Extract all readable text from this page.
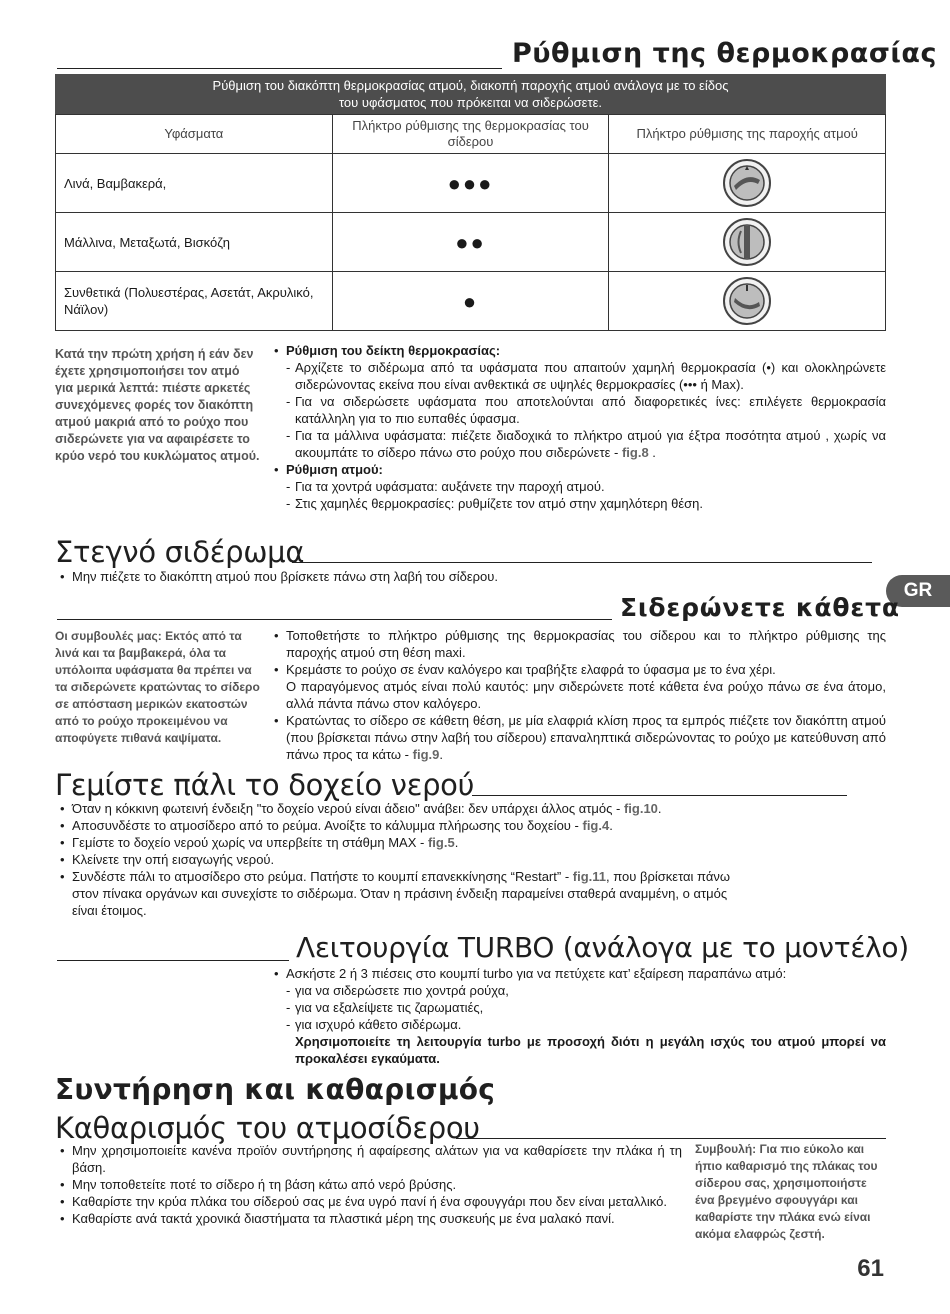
Ρύθμιση της θερμοκρασίας
Ρύθμιση του διακόπτη θερμοκρασίας ατμού, διακοπή παροχής ατμού ανάλογα με το είδος
του υφάσματος που πρόκειται να σιδερώσετε.
Υφάσματα	Πλήκτρο ρύθμισης της θερμοκρασίας του σίδερου	Πλήκτρο ρύθμισης της παροχής ατμού
Λινά, Βαμβακερά,	●●●	

Μάλλινα, Μεταξωτά, Βισκόζη	●●	

Συνθετικά (Πολυεστέρας, Ασετάτ, Ακρυλικό, Νάϊλον)	●	
Κατά την πρώτη χρήση ή εάν δεν έχετε χρησιμοποιήσει τον ατμό για μερικά λεπτά: πιέστε αρκετές συνεχόμενες φορές τον διακόπτη ατμού μακριά από το ρούχο που σιδερώνετε για να αφαιρέσετε το κρύο νερό του κυκλώματος ατμού.
• Ρύθμιση του δείκτη θερμοκρασίας:
- Αρχίζετε το σιδέρωμα από τα υφάσματα που απαιτούν χαμηλή θερμοκρασία (•) και ολοκληρώνετε σιδερώνοντας εκείνα που είναι ανθεκτικά σε υψηλές θερμοκρασίες (••• ή Max).
- Για να σιδερώσετε υφάσματα που αποτελούνται από διαφορετικές ίνες: επιλέγετε θερμοκρασία κατάλληλη για το πιο ευπαθές ύφασμα.
- Για τα μάλλινα υφάσματα: πιέζετε διαδοχικά το πλήκτρο ατμού για έξτρα ποσότητα ατμού , χωρίς να ακουμπάτε το σίδερο πάνω στο ρούχο που σιδερώνετε - fig.8 .
• Ρύθμιση ατμού:
- Για τα χοντρά υφάσματα: αυξάνετε την παροχή ατμού.
- Στις χαμηλές θερμοκρασίες: ρυθμίζετε τον ατμό στην χαμηλότερη θέση.
Στεγνό σιδέρωμα
• Μην πιέζετε το διακόπτη ατμού που βρίσκετε πάνω στη λαβή του σίδερου.
GR
Σιδερώνετε κάθετα
Οι συμβουλές μας: Εκτός από τα λινά και τα βαμβακερά, όλα τα υπόλοιπα υφάσματα θα πρέπει να τα σιδερώνετε κρατώντας το σίδερο σε απόσταση μερικών εκατοστών από το ρούχο προκειμένου να αποφύγετε πιθανά καψίματα.
• Τοποθετήστε το πλήκτρο ρύθμισης της θερμοκρασίας του σίδερου και το πλήκτρο ρύθμισης της παροχής ατμού στη θέση maxi.
• Κρεμάστε το ρούχο σε έναν καλόγερο και τραβήξτε ελαφρά το ύφασμα με το ένα χέρι.
Ο παραγόμενος ατμός είναι πολύ καυτός: μην σιδερώνετε ποτέ κάθετα ένα ρούχο πάνω σε ένα άτομο, αλλά πάντα πάνω στον καλόγερο.
• Κρατώντας το σίδερο σε κάθετη θέση, με μία ελαφριά κλίση προς τα εμπρός πιέζετε τον διακόπτη ατμού (που βρίσκεται πάνω στην λαβή του σίδερου) επαναληπτικά σιδερώνοντας το ρούχο με κατεύθυνση από πάνω προς τα κάτω - fig.9.
Γεμίστε πάλι το δοχείο νερού
• Όταν η κόκκινη φωτεινή ένδειξη "το δοχείο νερού είναι άδειο" ανάβει: δεν υπάρχει άλλος ατμός - fig.10.
• Αποσυνδέστε το ατμοσίδερο από το ρεύμα. Ανοίξτε το κάλυμμα πλήρωσης του δοχείου - fig.4.
• Γεμίστε το δοχείο νερού χωρίς να υπερβείτε τη στάθμη MAX - fig.5.
• Κλείνετε την οπή εισαγωγής νερού.
• Συνδέστε πάλι το ατμοσίδερο στο ρεύμα. Πατήστε το κουμπί επανεκκίνησης “Restart” - fig.11, που βρίσκεται πάνω στον πίνακα οργάνων και συνεχίστε το σιδέρωμα. Όταν η πράσινη ένδειξη παραμείνει σταθερά αναμμένη, ο ατμός είναι έτοιμος.
Λειτουργία TURBO (ανάλογα με το μοντέλο)
• Ασκήστε 2 ή 3 πιέσεις στο κουμπί turbo για να πετύχετε κατ’ εξαίρεση παραπάνω ατμό:
- για να σιδερώσετε πιο χοντρά ρούχα,
- για να εξαλείψετε τις ζαρωματιές,
- για ισχυρό κάθετο σιδέρωμα.
Χρησιμοποιείτε τη λειτουργία turbo με προσοχή διότι η μεγάλη ισχύς του ατμού μπορεί να προκαλέσει εγκαύματα.
Συντήρηση και καθαρισμός
Καθαρισμός του ατμοσίδερου
• Μην χρησιμοποιείτε κανένα προϊόν συντήρησης ή αφαίρεσης αλάτων για να καθαρίσετε την πλάκα ή τη βάση.
• Μην τοποθετείτε ποτέ το σίδερο ή τη βάση κάτω από νερό βρύσης.
• Καθαρίστε την κρύα πλάκα του σίδερού σας με ένα υγρό πανί ή ένα σφουγγάρι που δεν είναι μεταλλικό.
• Καθαρίστε ανά τακτά χρονικά διαστήματα τα πλαστικά μέρη της συσκευής με ένα μαλακό πανί.
Συμβουλή: Για πιο εύκολο και ήπιο καθαρισμό της πλάκας του σίδερου σας, χρησιμοποιήστε ένα βρεγμένο σφουγγάρι και καθαρίστε την πλάκα ενώ είναι ακόμα ελαφρώς ζεστή.
61
